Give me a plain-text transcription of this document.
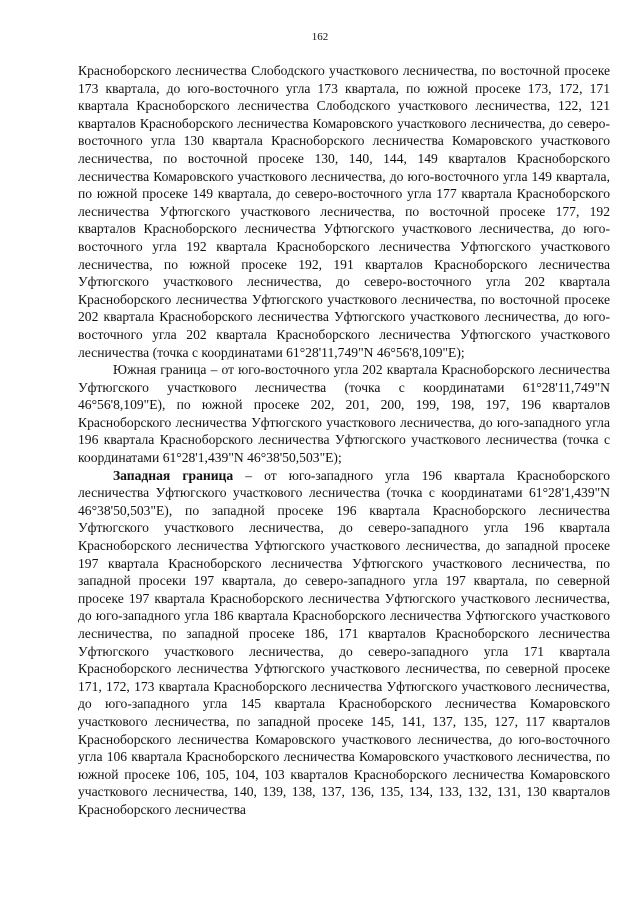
162

Красноборского лесничества Слободского участкового лесничества, по восточной просеке 173 квартала, до юго-восточного угла 173 квартала, по южной просеке 173, 172, 171 квартала Красноборского лесничества Слободского участкового лесничества, 122, 121 кварталов Красноборского лесничества Комаровского участкового лесничества, до северо-восточного угла 130 квартала Красноборского лесничества Комаровского участкового лесничества, по восточной просеке 130, 140, 144, 149 кварталов Красноборского лесничества Комаровского участкового лесничества, до юго-восточного угла 149 квартала, по южной просеке 149 квартала, до северо-восточного угла 177 квартала Красноборского лесничества Уфтюгского участкового лесничества, по восточной просеке 177, 192 кварталов Красноборского лесничества Уфтюгского участкового лесничества, до юго-восточного угла 192 квартала Красноборского лесничества Уфтюгского участкового лесничества, по южной просеке 192, 191 кварталов Красноборского лесничества Уфтюгского участкового лесничества, до северо-восточного угла 202 квартала Красноборского лесничества Уфтюгского участкового лесничества, по восточной просеке 202 квартала Красноборского лесничества Уфтюгского участкового лесничества, до юго-восточного угла 202 квартала Красноборского лесничества Уфтюгского участкового лесничества (точка с координатами 61°28'11,749"N 46°56'8,109"E);

Южная граница – от юго-восточного угла 202 квартала Красноборского лесничества Уфтюгского участкового лесничества (точка с координатами 61°28'11,749"N 46°56'8,109"E), по южной просеке 202, 201, 200, 199, 198, 197, 196 кварталов Красноборского лесничества Уфтюгского участкового лесничества, до юго-западного угла 196 квартала Красноборского лесничества Уфтюгского участкового лесничества (точка с координатами 61°28'1,439"N 46°38'50,503"E);

Западная граница – от юго-западного угла 196 квартала Красноборского лесничества Уфтюгского участкового лесничества (точка с координатами 61°28'1,439"N 46°38'50,503"E), по западной просеке 196 квартала Красноборского лесничества Уфтюгского участкового лесничества, до северо-западного угла 196 квартала Красноборского лесничества Уфтюгского участкового лесничества, до западной просеке 197 квартала Красноборского лесничества Уфтюгского участкового лесничества, по западной просеки 197 квартала, до северо-западного угла 197 квартала, по северной просеке 197 квартала Красноборского лесничества Уфтюгского участкового лесничества, до юго-западного угла 186 квартала Красноборского лесничества Уфтюгского участкового лесничества, по западной просеке 186, 171 кварталов Красноборского лесничества Уфтюгского участкового лесничества, до северо-западного угла 171 квартала Красноборского лесничества Уфтюгского участкового лесничества, по северной просеке 171, 172, 173 квартала Красноборского лесничества Уфтюгского участкового лесничества, до юго-западного угла 145 квартала Красноборского лесничества Комаровского участкового лесничества, по западной просеке 145, 141, 137, 135, 127, 117 кварталов Красноборского лесничества Комаровского участкового лесничества, до юго-восточного угла 106 квартала Красноборского лесничества Комаровского участкового лесничества, по южной просеке 106, 105, 104, 103 кварталов Красноборского лесничества Комаровского участкового лесничества, 140, 139, 138, 137, 136, 135, 134, 133, 132, 131, 130 кварталов Красноборского лесничества
